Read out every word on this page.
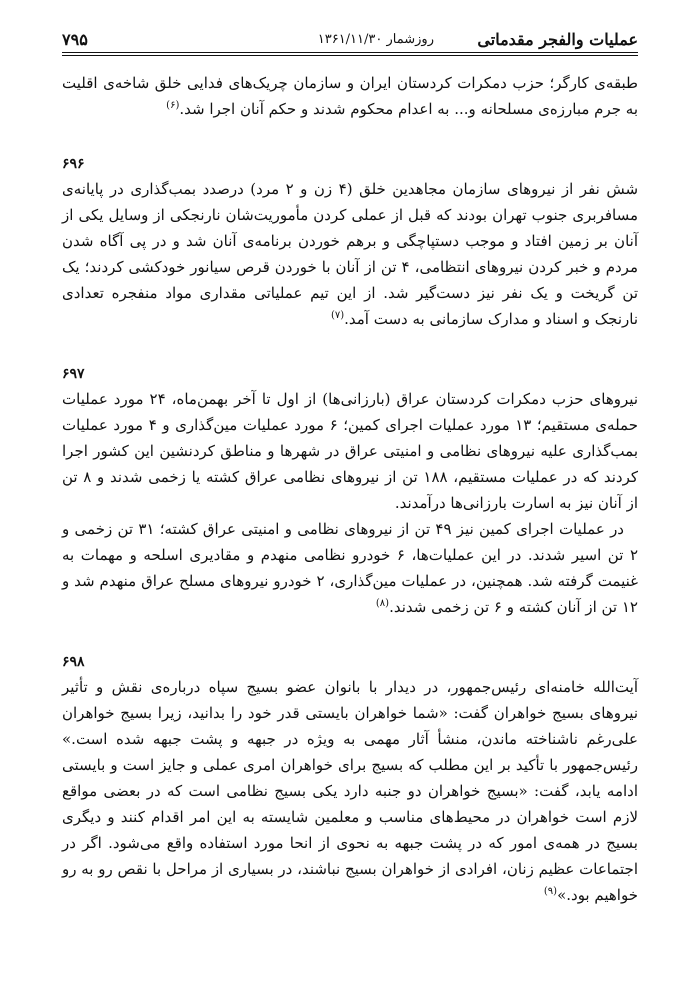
عملیات والفجر مقدماتی
روزشمار ۱۳۶۱/۱۱/۳۰
۷۹۵

طبقه‌ی کارگر؛ حزب دمکرات کردستان ایران و سازمان چریک‌های فدایی خلق شاخه‌ی اقلیت به جرم مبارزه‌ی مسلحانه و... به اعدام محکوم شدند و حکم آنان اجرا شد.$^{(۶)}$

۶۹۶

شش نفر از نیروهای سازمان مجاهدین خلق (۴ زن و ۲ مرد) درصدد بمب‌گذاری در پایانه‌ی مسافربری جنوب تهران بودند که قبل از عملی کردن مأموریت‌شان نارنجکی از وسایل یکی از آنان بر زمین افتاد و موجب دستپاچگی و برهم خوردن برنامه‌ی آنان شد و در پی آگاه شدن مردم و خبر کردن نیروهای انتظامی، ۴ تن از آنان با خوردن قرص سیانور خودکشی کردند؛ یک تن گریخت و یک نفر نیز دست‌گیر شد. از این تیم عملیاتی مقداری مواد منفجره تعدادی نارنجک و اسناد و مدارک سازمانی به دست آمد.$^{(۷)}$

۶۹۷

نیروهای حزب دمکرات کردستان عراق (بارزانی‌ها) از اول تا آخر بهمن‌ماه، ۲۴ مورد عملیات حمله‌ی مستقیم؛ ۱۳ مورد عملیات اجرای کمین؛ ۶ مورد عملیات مین‌گذاری و ۴ مورد عملیات بمب‌گذاری علیه نیروهای نظامی و امنیتی عراق در شهرها و مناطق کردنشین این کشور اجرا کردند که در عملیات مستقیم، ۱۸۸ تن از نیروهای نظامی عراق کشته یا زخمی شدند و ۸ تن از آنان نیز به اسارت بارزانی‌ها درآمدند.

در عملیات اجرای کمین نیز ۴۹ تن از نیروهای نظامی و امنیتی عراق کشته؛ ۳۱ تن زخمی و ۲ تن اسیر شدند. در این عملیات‌ها، ۶ خودرو نظامی منهدم و مقادیری اسلحه و مهمات به غنیمت گرفته شد. همچنین، در عملیات مین‌گذاری، ۲ خودرو نیروهای مسلح عراق منهدم شد و ۱۲ تن از آنان کشته و ۶ تن زخمی شدند.$^{(۸)}$

۶۹۸

آیت‌الله خامنه‌ای رئیس‌جمهور، در دیدار با بانوان عضو بسیج سپاه درباره‌ی نقش و تأثیر نیروهای بسیج خواهران گفت: «شما خواهران بایستی قدر خود را بدانید، زیرا بسیج خواهران علی‌رغم ناشناخته ماندن، منشأ آثار مهمی به ویژه در جبهه و پشت جبهه شده است.» رئیس‌جمهور با تأکید بر این مطلب که بسیج برای خواهران امری عملی و جایز است و بایستی ادامه یابد، گفت: «بسیج خواهران دو جنبه دارد یکی بسیج نظامی است که در بعضی مواقع لازم است خواهران در محیط‌های مناسب و معلمین شایسته به این امر اقدام کنند و دیگری بسیج در همه‌ی امور که در پشت جبهه به نحوی از انحا مورد استفاده واقع می‌شود. اگر در اجتماعات عظیم زنان، افرادی از خواهران بسیج نباشند، در بسیاری از مراحل با نقص رو به رو خواهیم بود.»$^{(۹)}$
